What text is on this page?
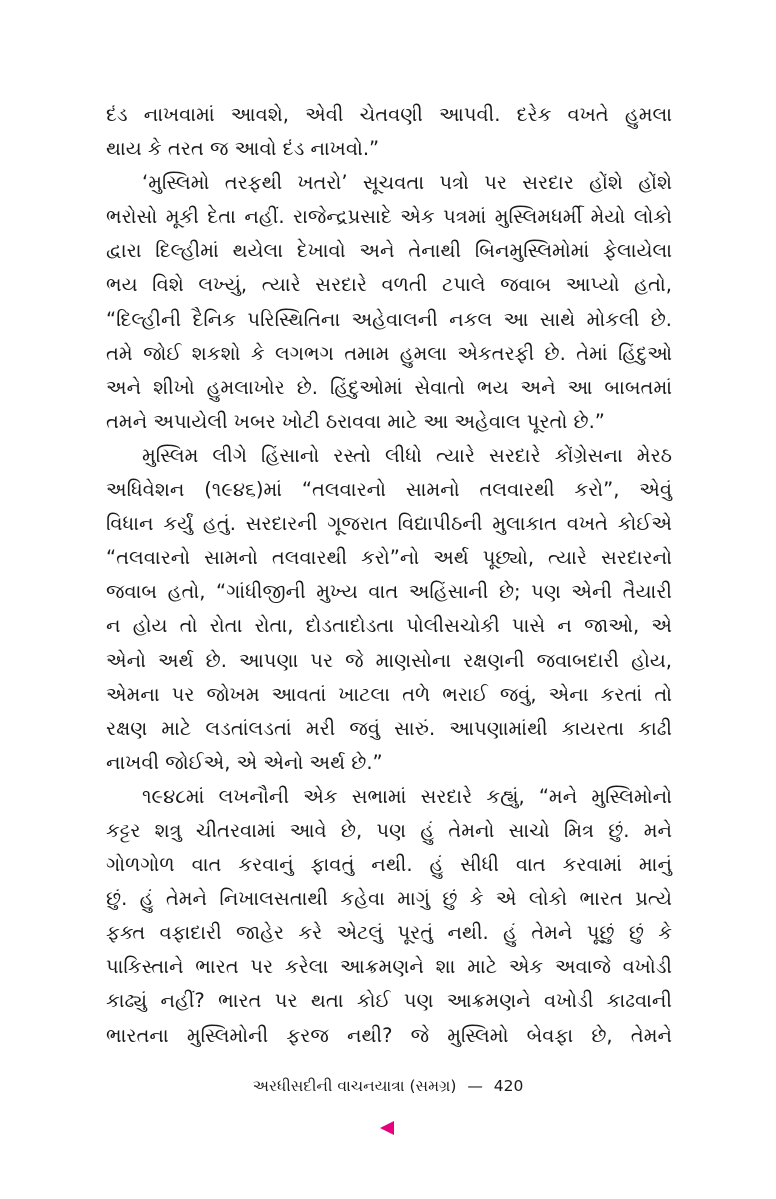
દંડ નાખવામાં આવશે, એવી ચેતવણી આપવી. દરેક વખતે હુમલા
થાય કે તરત જ આવો દંડ નાખવો.”

‘મુસ્લિમો તરફથી ખતરો’ સૂચવતા પત્રો પર સરદાર હોંશે હોંશે
ભરોસો મૂકી દેતા નહીં. રાજેન્દ્રપ્રસાદે એક પત્રમાં મુસ્લિમધર્મી મેયો લોકો
દ્વારા દિલ્હીમાં થયેલા દેખાવો અને તેનાથી બિનમુસ્લિમોમાં ફેલાયેલા
ભય વિશે લખ્યું, ત્યારે સરદારે વળતી ટપાલે જવાબ આપ્યો હતો,
“દિલ્હીની દૈનિક પરિસ્થિતિના અહેવાલની નકલ આ સાથે મોકલી છે.
તમે જોઈ શકશો કે લગભગ તમામ હુમલા એકતરફી છે. તેમાં હિંદુઓ
અને શીખો હુમલાખોર છે. હિંદુઓમાં સેવાતો ભય અને આ બાબતમાં
તમને અપાયેલી ખબર ખોટી ઠરાવવા માટે આ અહેવાલ પૂરતો છે.”

મુસ્લિમ લીગે હિંસાનો રસ્તો લીધો ત્યારે સરદારે કોંગ્રેસના મેરઠ
અધિવેશન (૧૯૪૬)માં “તલવારનો સામનો તલવારથી કરો”, એવું
વિધાન કર્યું હતું. સરદારની ગૂજરાત વિદ્યાપીઠની મુલાકાત વખતે કોઈએ
“તલવારનો સામનો તલવારથી કરો”નો અર્થ પૂછ્યો, ત્યારે સરદારનો
જવાબ હતો, “ગાંધીજીની મુખ્ય વાત અહિંસાની છે; પણ એની તૈયારી
ન હોય તો રોતા રોતા, દોડતાદોડતા પોલીસચોકી પાસે ન જાઓ, એ
એનો અર્થ છે. આપણા પર જે માણસોના રક્ષણની જવાબદારી હોય,
એમના પર જોખમ આવતાં ખાટલા તળે ભરાઈ જવું, એના કરતાં તો
રક્ષણ માટે લડતાંલડતાં મરી જવું સારું. આપણામાંથી કાયરતા કાઢી
નાખવી જોઈએ, એ એનો અર્થ છે.”

૧૯૪૮માં લખનૌની એક સભામાં સરદારે કહ્યું, “મને મુસ્લિમોનો
કટ્ટર શત્રુ ચીતરવામાં આવે છે, પણ હું તેમનો સાચો મિત્ર છું. મને
ગોળગોળ વાત કરવાનું ફાવતું નથી. હું સીધી વાત કરવામાં માનું
છું. હું તેમને નિખાલસતાથી કહેવા માગું છું કે એ લોકો ભારત પ્રત્યે
ફક્ત વફાદારી જાહેર કરે એટલું પૂરતું નથી. હું તેમને પૂછું છું કે
પાકિસ્તાને ભારત પર કરેલા આક્રમણને શા માટે એક અવાજે વખોડી
કાઢ્યું નહીં? ભારત પર થતા કોઈ પણ આક્રમણને વખોડી કાઢવાની
ભારતના મુસ્લિમોની ફરજ નથી? જે મુસ્લિમો બેવફા છે, તેમને

અરધીસદીની વાચનયાત્રા (સમગ્ર) — 420
